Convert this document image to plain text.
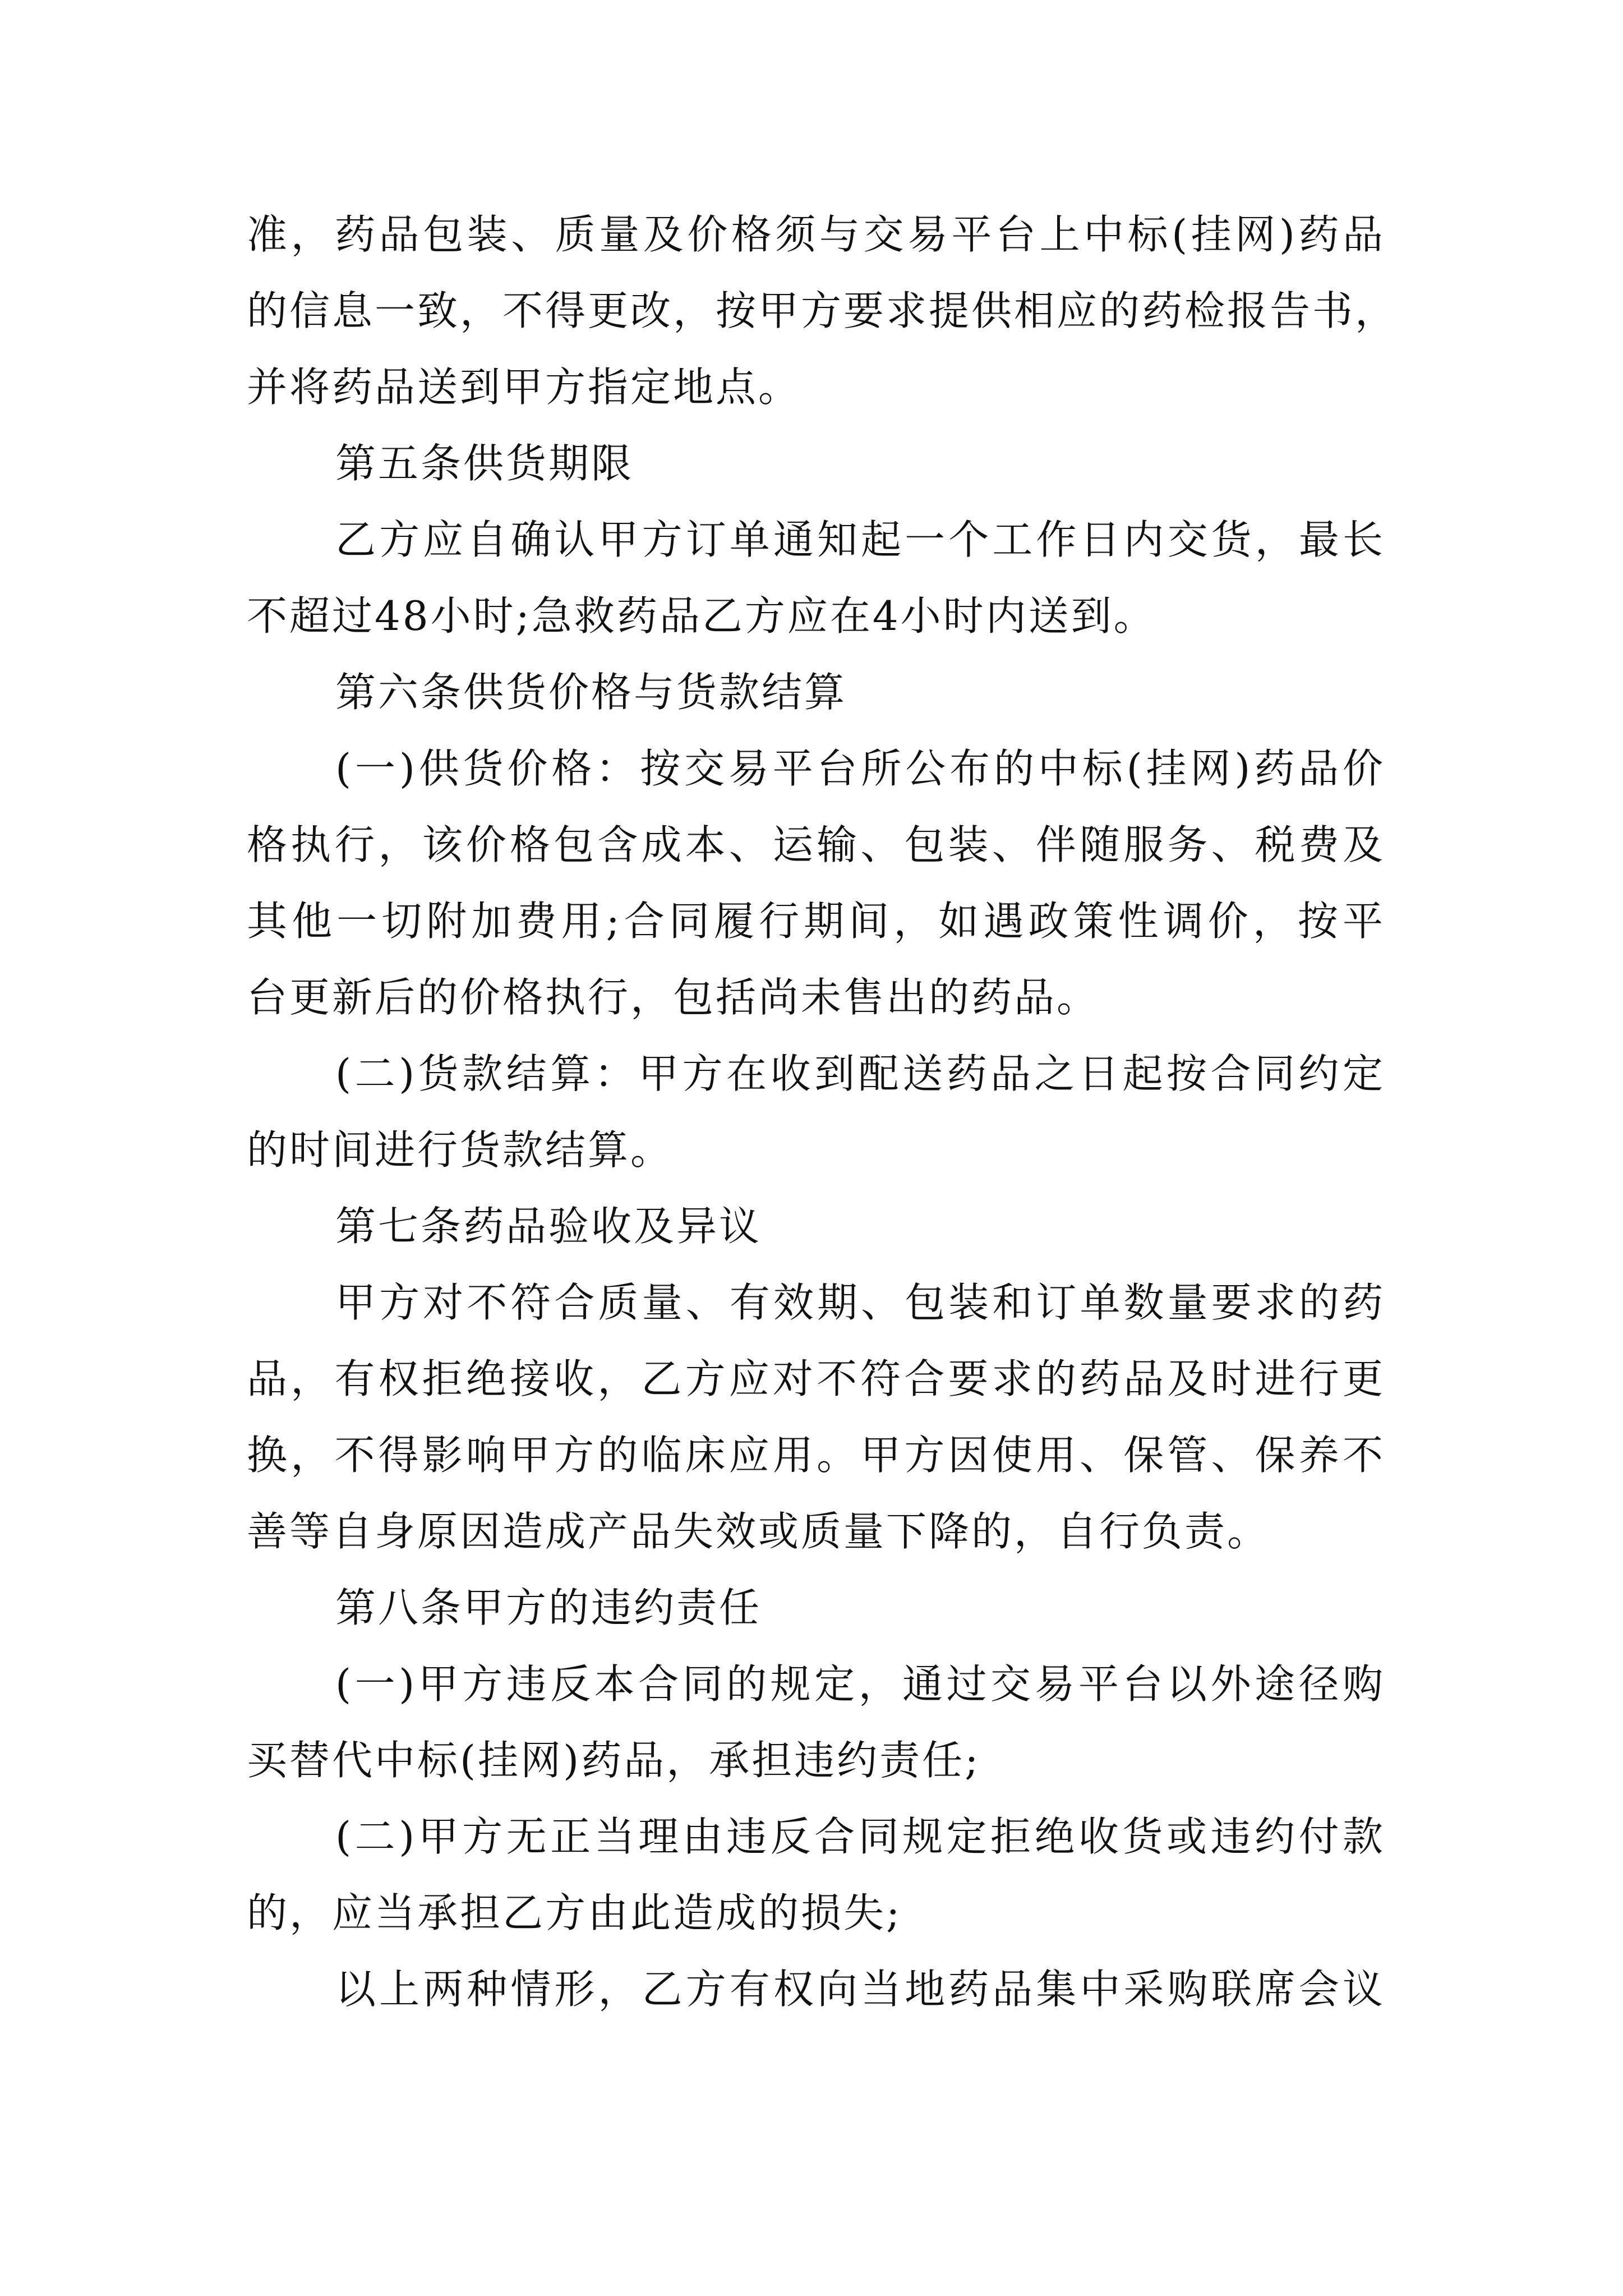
准，药品包装、质量及价格须与交易平台上中标(挂网)药品
的信息一致，不得更改，按甲方要求提供相应的药检报告书，
并将药品送到甲方指定地点。
第五条供货期限
乙方应自确认甲方订单通知起一个工作日内交货，最长
不超过48小时;急救药品乙方应在4小时内送到。
第六条供货价格与货款结算
(一)供货价格：按交易平台所公布的中标(挂网)药品价
格执行，该价格包含成本、运输、包装、伴随服务、税费及
其他一切附加费用;合同履行期间，如遇政策性调价，按平
台更新后的价格执行，包括尚未售出的药品。
(二)货款结算：甲方在收到配送药品之日起按合同约定
的时间进行货款结算。
第七条药品验收及异议
甲方对不符合质量、有效期、包装和订单数量要求的药
品，有权拒绝接收，乙方应对不符合要求的药品及时进行更
换，不得影响甲方的临床应用。甲方因使用、保管、保养不
善等自身原因造成产品失效或质量下降的，自行负责。
第八条甲方的违约责任
(一)甲方违反本合同的规定，通过交易平台以外途径购
买替代中标(挂网)药品，承担违约责任;
(二)甲方无正当理由违反合同规定拒绝收货或违约付款
的，应当承担乙方由此造成的损失;
以上两种情形，乙方有权向当地药品集中采购联席会议
